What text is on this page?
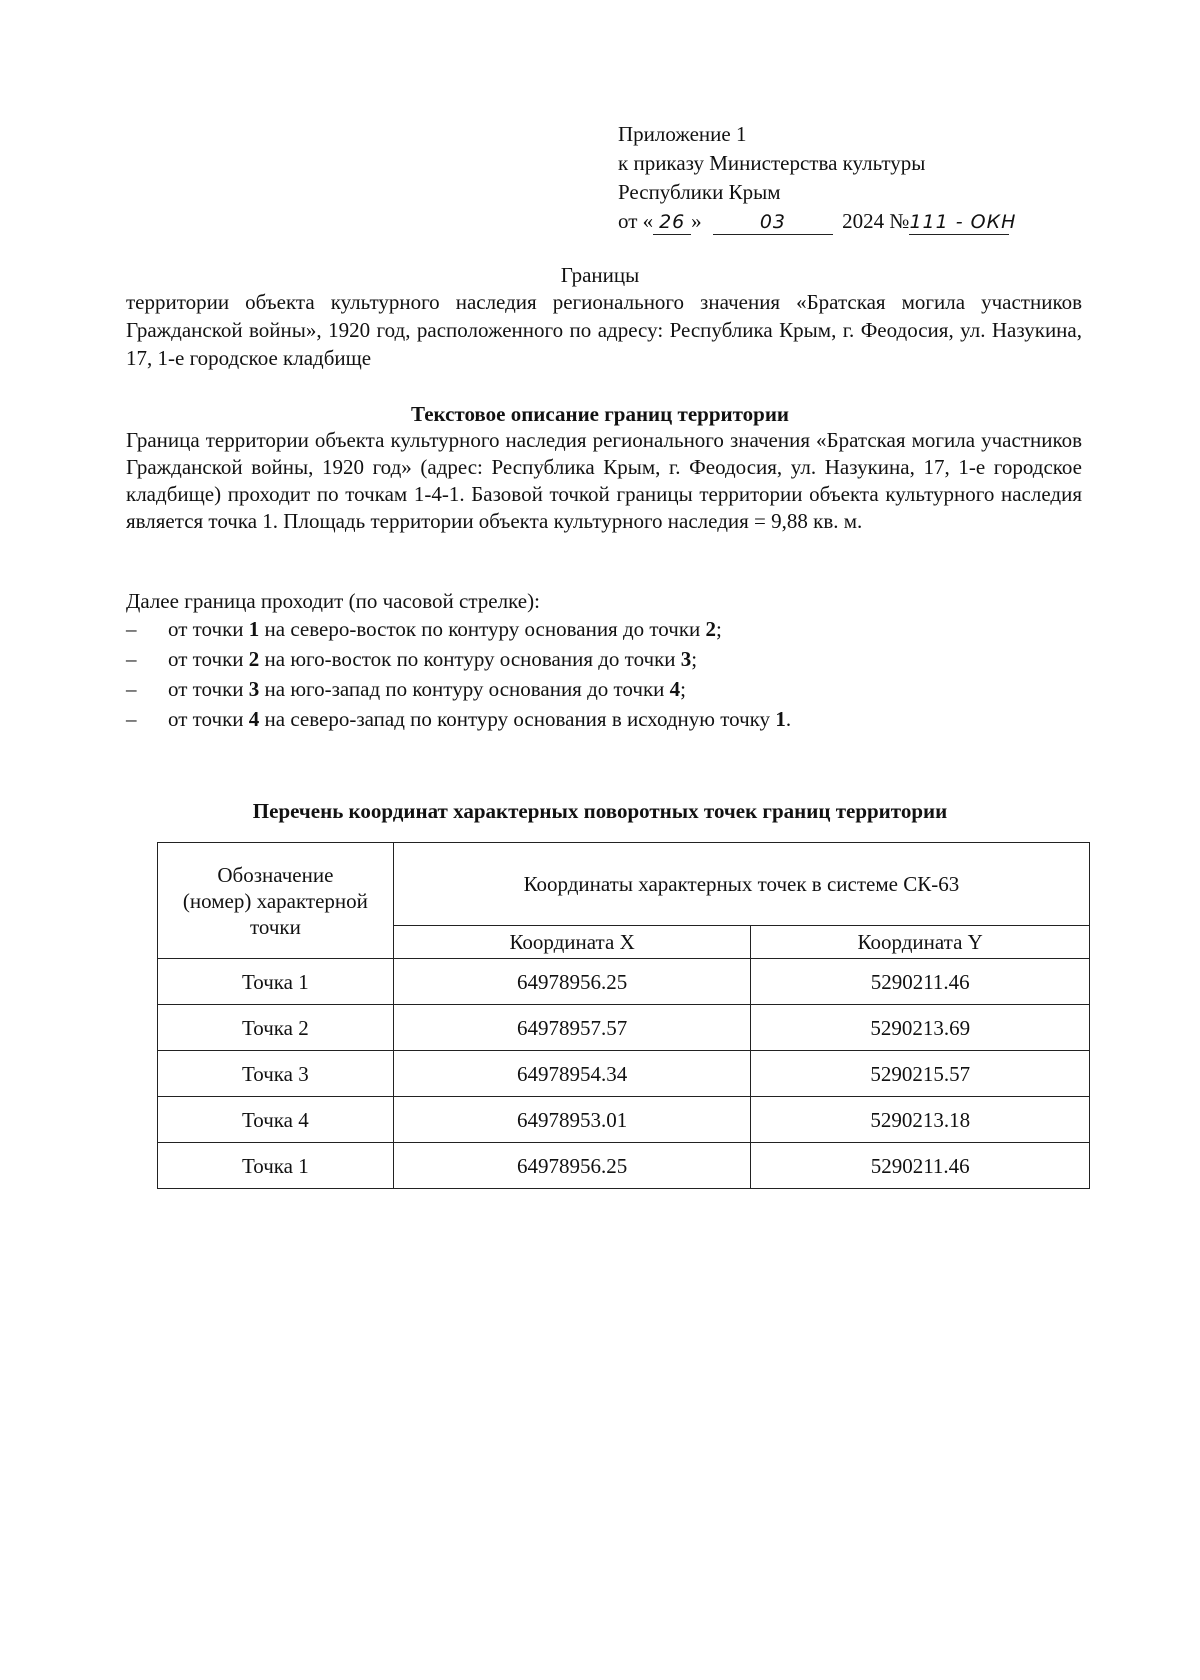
Приложение 1
к приказу Министерства культуры
Республики Крым
от « 26 »	03	2024 №111 - ОКН
Границы
территории объекта культурного наследия регионального значения «Братская могила участников Гражданской войны», 1920 год, расположенного по адресу: Республика Крым, г. Феодосия, ул. Назукина, 17, 1-е городское кладбище
Текстовое описание границ территории
Граница территории объекта культурного наследия регионального значения «Братская могила участников Гражданской войны, 1920 год» (адрес: Республика Крым, г. Феодосия, ул. Назукина, 17, 1-е городское кладбище) проходит по точкам 1-4-1. Базовой точкой границы территории объекта культурного наследия является точка 1. Площадь территории объекта культурного наследия = 9,88 кв. м.
Далее граница проходит (по часовой стрелке):
– от точки 1 на северо-восток по контуру основания до точки 2;
– от точки 2 на юго-восток по контуру основания до точки 3;
– от точки 3 на юго-запад по контуру основания до точки 4;
– от точки 4 на северо-запад по контуру основания в исходную точку 1.
Перечень координат характерных поворотных точек границ территории
Обозначение
(номер) характерной
точки	Координаты характерных точек в системе СК-63	
	Координата X	Координата Y
Точка 1	64978956.25	5290211.46
Точка 2	64978957.57	5290213.69
Точка 3	64978954.34	5290215.57
Точка 4	64978953.01	5290213.18
Точка 1	64978956.25	5290211.46
